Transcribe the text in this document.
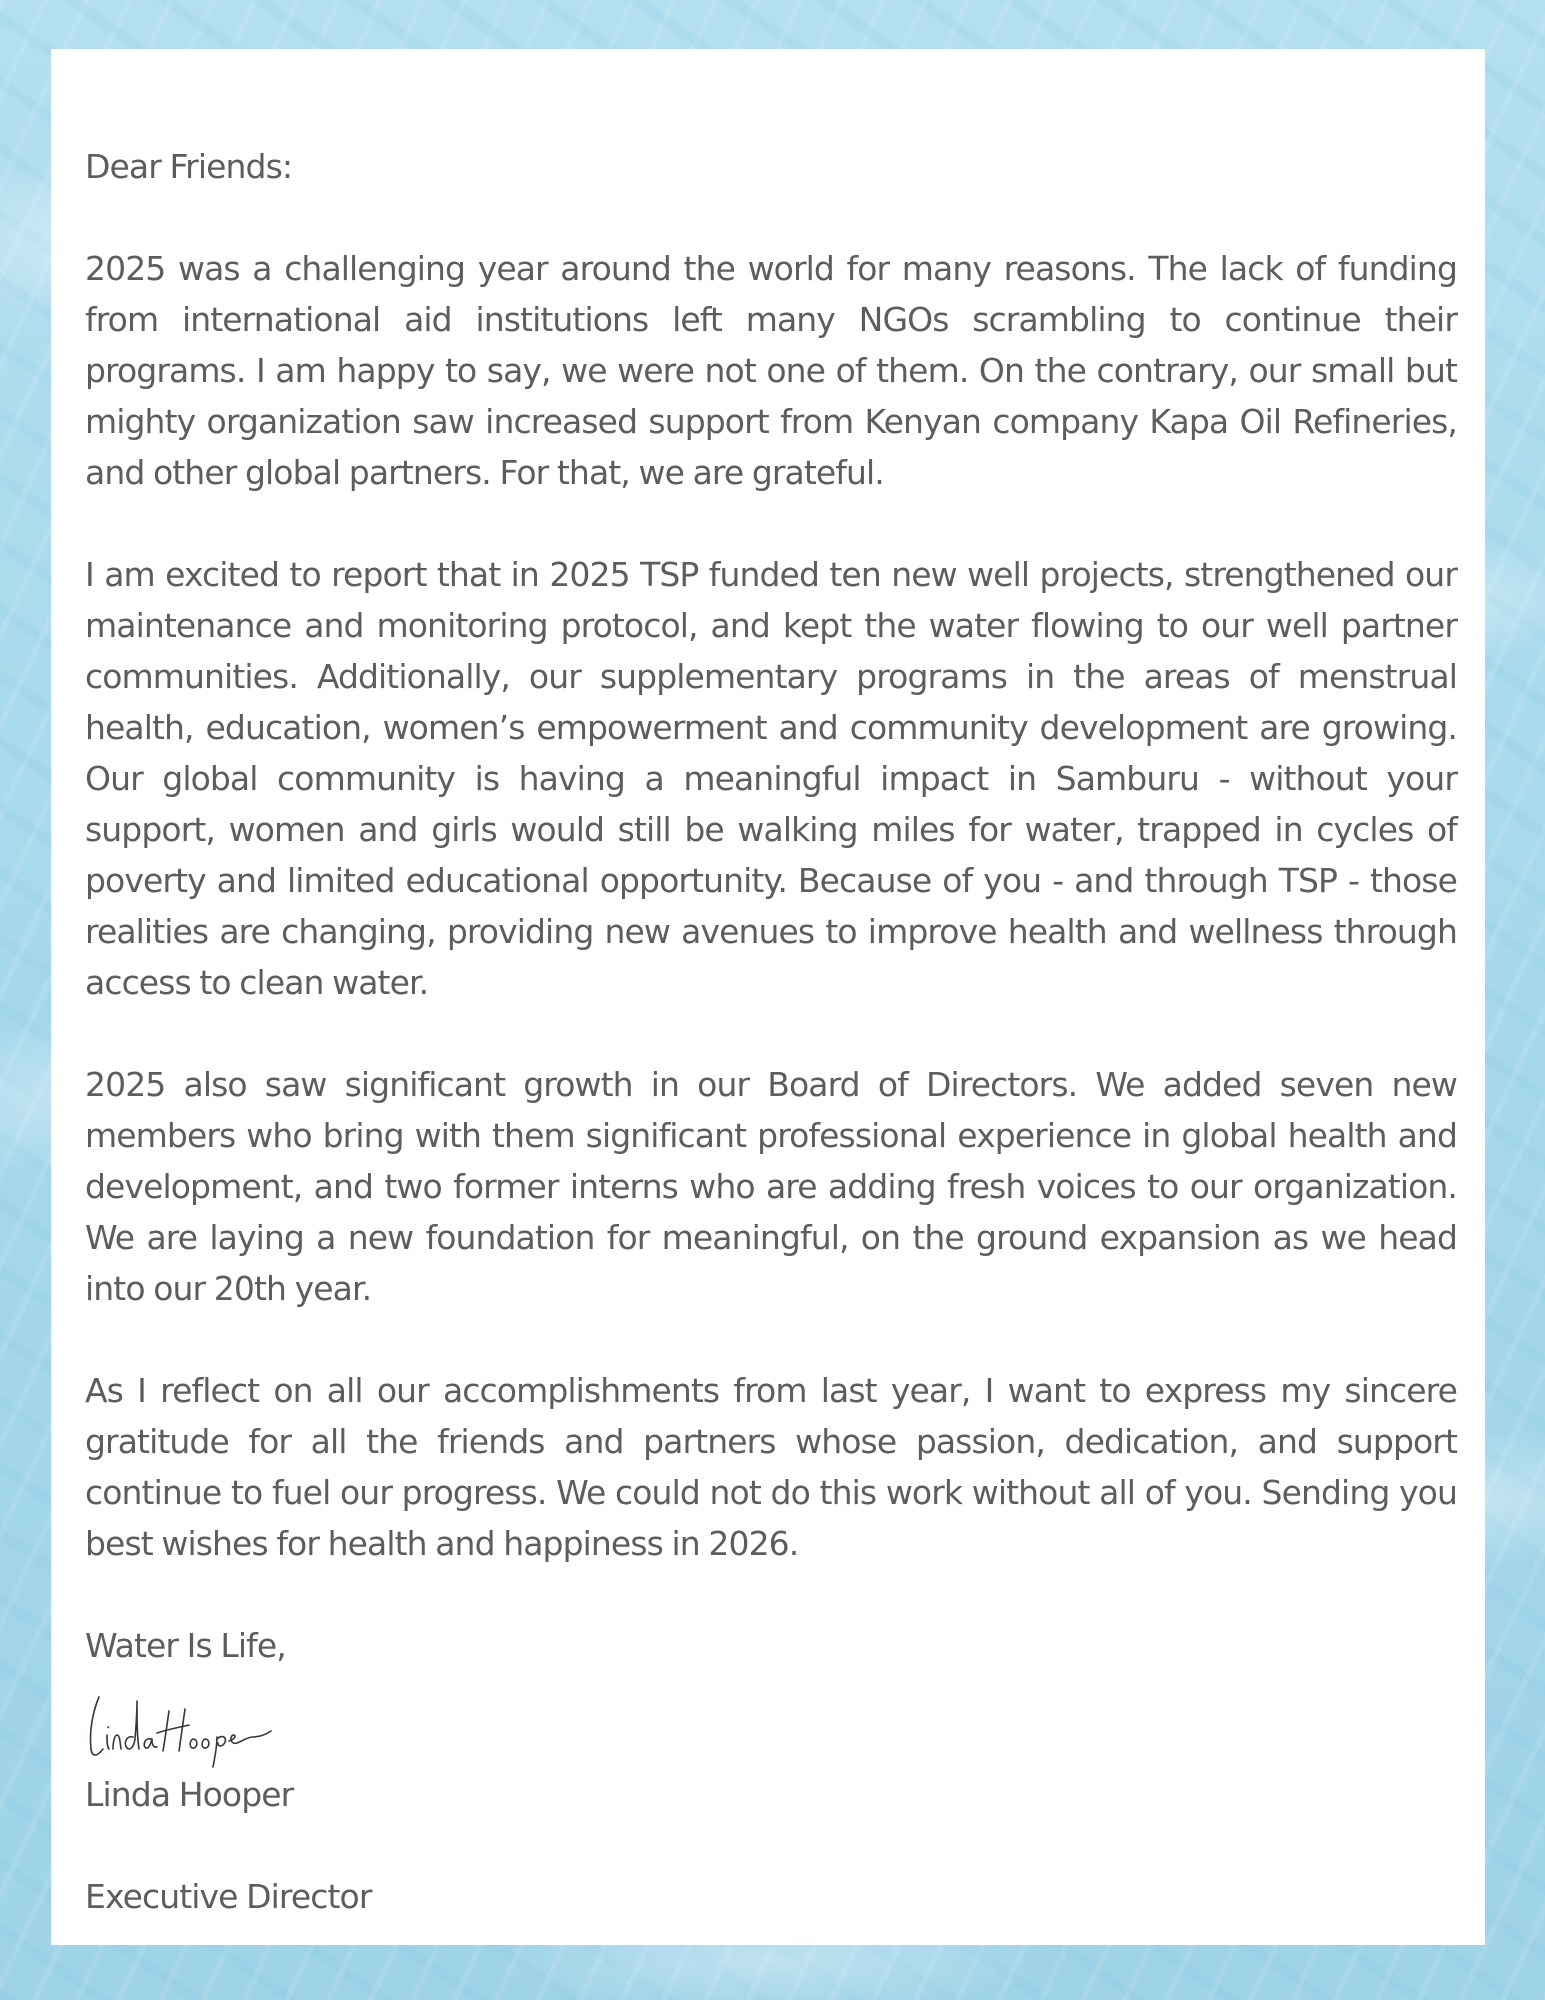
Dear Friends:

2025 was a challenging year around the world for many reasons. The lack of funding from international aid institutions left many NGOs scrambling to continue their programs. I am happy to say, we were not one of them. On the contrary, our small but mighty organization saw increased support from Kenyan company Kapa Oil Refineries, and other global partners. For that, we are grateful.

I am excited to report that in 2025 TSP funded ten new well projects, strengthened our maintenance and monitoring protocol, and kept the water flowing to our well partner communities. Additionally, our supplementary programs in the areas of menstrual health, education, women’s empowerment and community development are growing. Our global community is having a meaningful impact in Samburu - without your support, women and girls would still be walking miles for water, trapped in cycles of poverty and limited educational opportunity. Because of you - and through TSP - those realities are changing, providing new avenues to improve health and wellness through access to clean water.

2025 also saw significant growth in our Board of Directors. We added seven new members who bring with them significant professional experience in global health and development, and two former interns who are adding fresh voices to our organization. We are laying a new foundation for meaningful, on the ground expansion as we head into our 20th year.

As I reflect on all our accomplishments from last year, I want to express my sincere gratitude for all the friends and partners whose passion, dedication, and support continue to fuel our progress. We could not do this work without all of you. Sending you best wishes for health and happiness in 2026.

Water Is Life,

Linda Hooper

Executive Director
